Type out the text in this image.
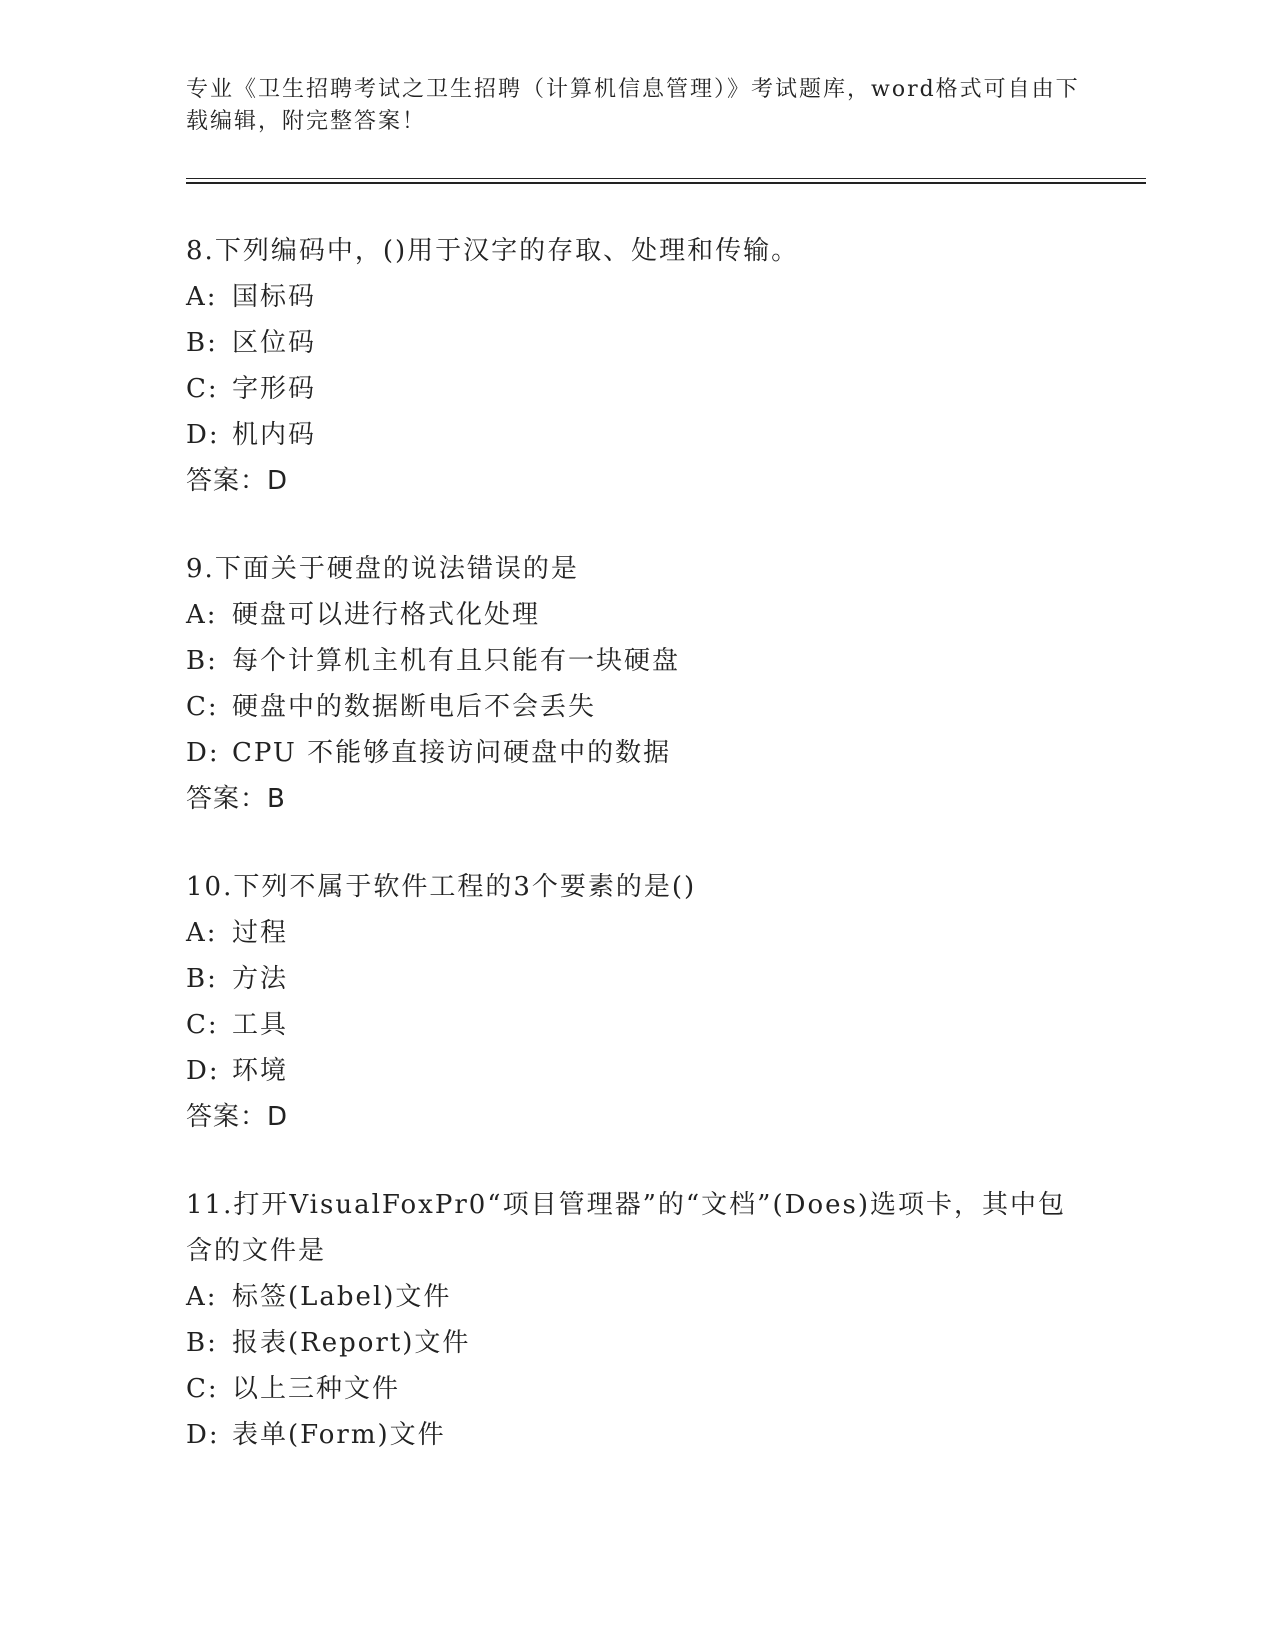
专业《卫生招聘考试之卫生招聘（计算机信息管理）》考试题库，word格式可自由下载编辑，附完整答案！

8.下列编码中，()用于汉字的存取、处理和传输。

A: 国标码

B: 区位码

C: 字形码

D: 机内码

答案：D

9.下面关于硬盘的说法错误的是

A: 硬盘可以进行格式化处理

B: 每个计算机主机有且只能有一块硬盘

C: 硬盘中的数据断电后不会丢失

D: CPU 不能够直接访问硬盘中的数据

答案：B

10.下列不属于软件工程的3个要素的是()

A: 过程

B: 方法

C: 工具

D: 环境

答案：D

11.打开VisualFoxPr0“项目管理器”的“文档”(Does)选项卡，其中包含的文件是

A: 标签(Label)文件

B: 报表(Report)文件

C: 以上三种文件

D: 表单(Form)文件
